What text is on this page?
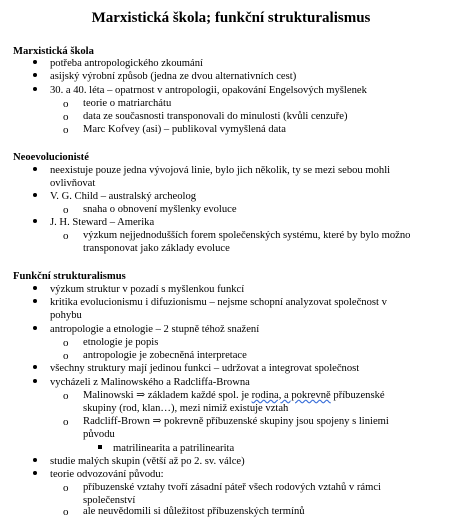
Marxistická škola; funkční strukturalismus
Marxistická škola
potřeba antropologického zkoumání
asijský výrobní způsob (jedna ze dvou alternativních cest)
30. a 40. léta – opatrnost v antropologii, opakování Engelsových myšlenek
o	teorie o matriarchátu
o	data ze současnosti transponovali do minulosti (kvůli cenzuře)
o	Marc Kofvey (asi) – publikoval vymyšlená data
Neoevolucionisté
neexistuje pouze jedna vývojová linie, bylo jich několik, ty se mezi sebou mohli
ovlivňovat
V. G. Child – australský archeolog
o	snaha o obnovení myšlenky evoluce
J. H. Steward – Amerika
o	výzkum nejjednodušších forem společenských systému, které by bylo možno
transponovat jako základy evoluce
Funkční strukturalismus
výzkum struktur v pozadí s myšlenkou funkcí
kritika evolucionismu i difuzionismu – nejsme schopní analyzovat společnost v
pohybu
antropologie a etnologie – 2 stupně téhož snažení
o	etnologie je popis
o	antropologie je zobecněná interpretace
všechny struktury mají jedinou funkci – udržovat a integrovat společnost
vycházeli z Malinowského a Radcliffa-Browna
o	Malinowski ⇒ základem každé spol. je rodina, a pokrevně příbuzenské
skupiny (rod, klan…), mezi nimiž existuje vztah
o	Radcliff-Brown ⇒ pokrevně příbuzenské skupiny jsou spojeny s liniemi
původu
matrilinearita a patrilinearita
studie malých skupin (větší až po 2. sv. válce)
teorie odvozování původu:
o	příbuzenské vztahy tvoří zásadní páteř všech rodových vztahů v rámci
společenství
o	ale neuvědomili si důležitost příbuzenských termínů
